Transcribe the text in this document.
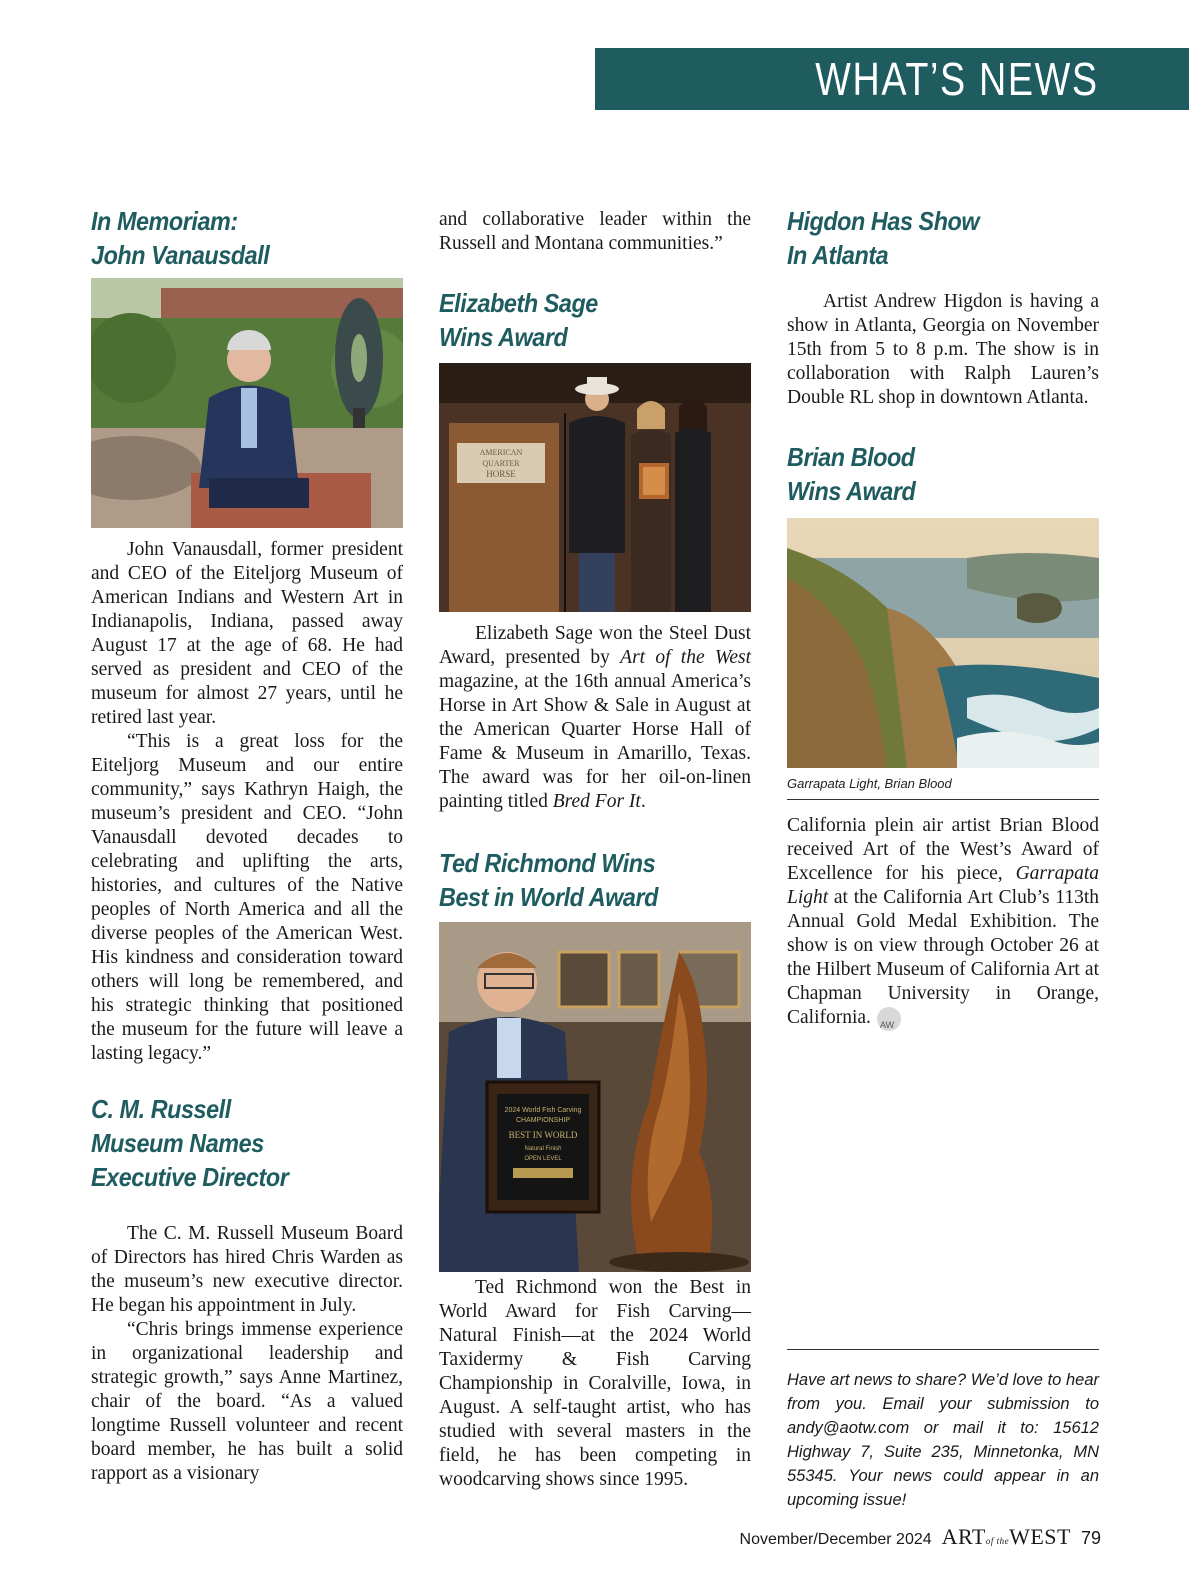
WHAT’S NEWS
In Memoriam:
John Vanausdall

John Vanausdall, former president and CEO of the Eiteljorg Museum of American Indians and Western Art in Indianapolis, Indiana, passed away August 17 at the age of 68. He had served as president and CEO of the museum for almost 27 years, until he retired last year.

“This is a great loss for the Eiteljorg Museum and our entire community,” says Kathryn Haigh, the museum’s president and CEO. “John Vanausdall devoted decades to celebrating and uplifting the arts, histories, and cultures of the Native peoples of North America and all the diverse peoples of the American West. His kindness and consideration toward others will long be remembered, and his strategic thinking that positioned the museum for the future will leave a lasting legacy.”

C. M. Russell
Museum Names
Executive Director

The C. M. Russell Museum Board of Directors has hired Chris Warden as the museum’s new executive director. He began his appointment in July.

“Chris brings immense experience in organizational leadership and strategic growth,” says Anne Martinez, chair of the board. “As a valued longtime Russell volunteer and recent board member, he has built a solid rapport as a visionary

and collaborative leader within the Russell and Montana communities.”

Elizabeth Sage
Wins Award
AMERICAN
QUARTER
HORSE

Elizabeth Sage won the Steel Dust Award, presented by Art of the West magazine, at the 16th annual America’s Horse in Art Show & Sale in August at the American Quarter Horse Hall of Fame & Museum in Amarillo, Texas. The award was for her oil-on-linen painting titled Bred For It.

Ted Richmond Wins
Best in World Award
2024 World Fish Carving
CHAMPIONSHIP
BEST IN WORLD
Natural Finish
OPEN LEVEL

Ted Richmond won the Best in World Award for Fish Carving—Natural Finish—at the 2024 World Taxidermy & Fish Carving Championship in Coralville, Iowa, in August. A self-taught artist, who has studied with several masters in the field, he has been competing in woodcarving shows since 1995.

Higdon Has Show
In Atlanta

Artist Andrew Higdon is having a show in Atlanta, Georgia on November 15th from 5 to 8 p.m. The show is in collaboration with Ralph Lauren’s Double RL shop in downtown Atlanta.

Brian Blood
Wins Award
Garrapata Light, Brian Blood

California plein air artist Brian Blood received Art of the West’s Award of Excellence for his piece, Garrapata Light at the California Art Club’s 113th Annual Gold Medal Exhibition. The show is on view through October 26 at the Hilbert Museum of California Art at Chapman University in Orange, California.AW

Have art news to share? We’d love to hear from you. Email your submission to andy@aotw.com or mail it to: 15612 Highway 7, Suite 235, Minnetonka, MN 55345. Your news could appear in an upcoming issue!
November/December 2024 ARTof theWEST 79
